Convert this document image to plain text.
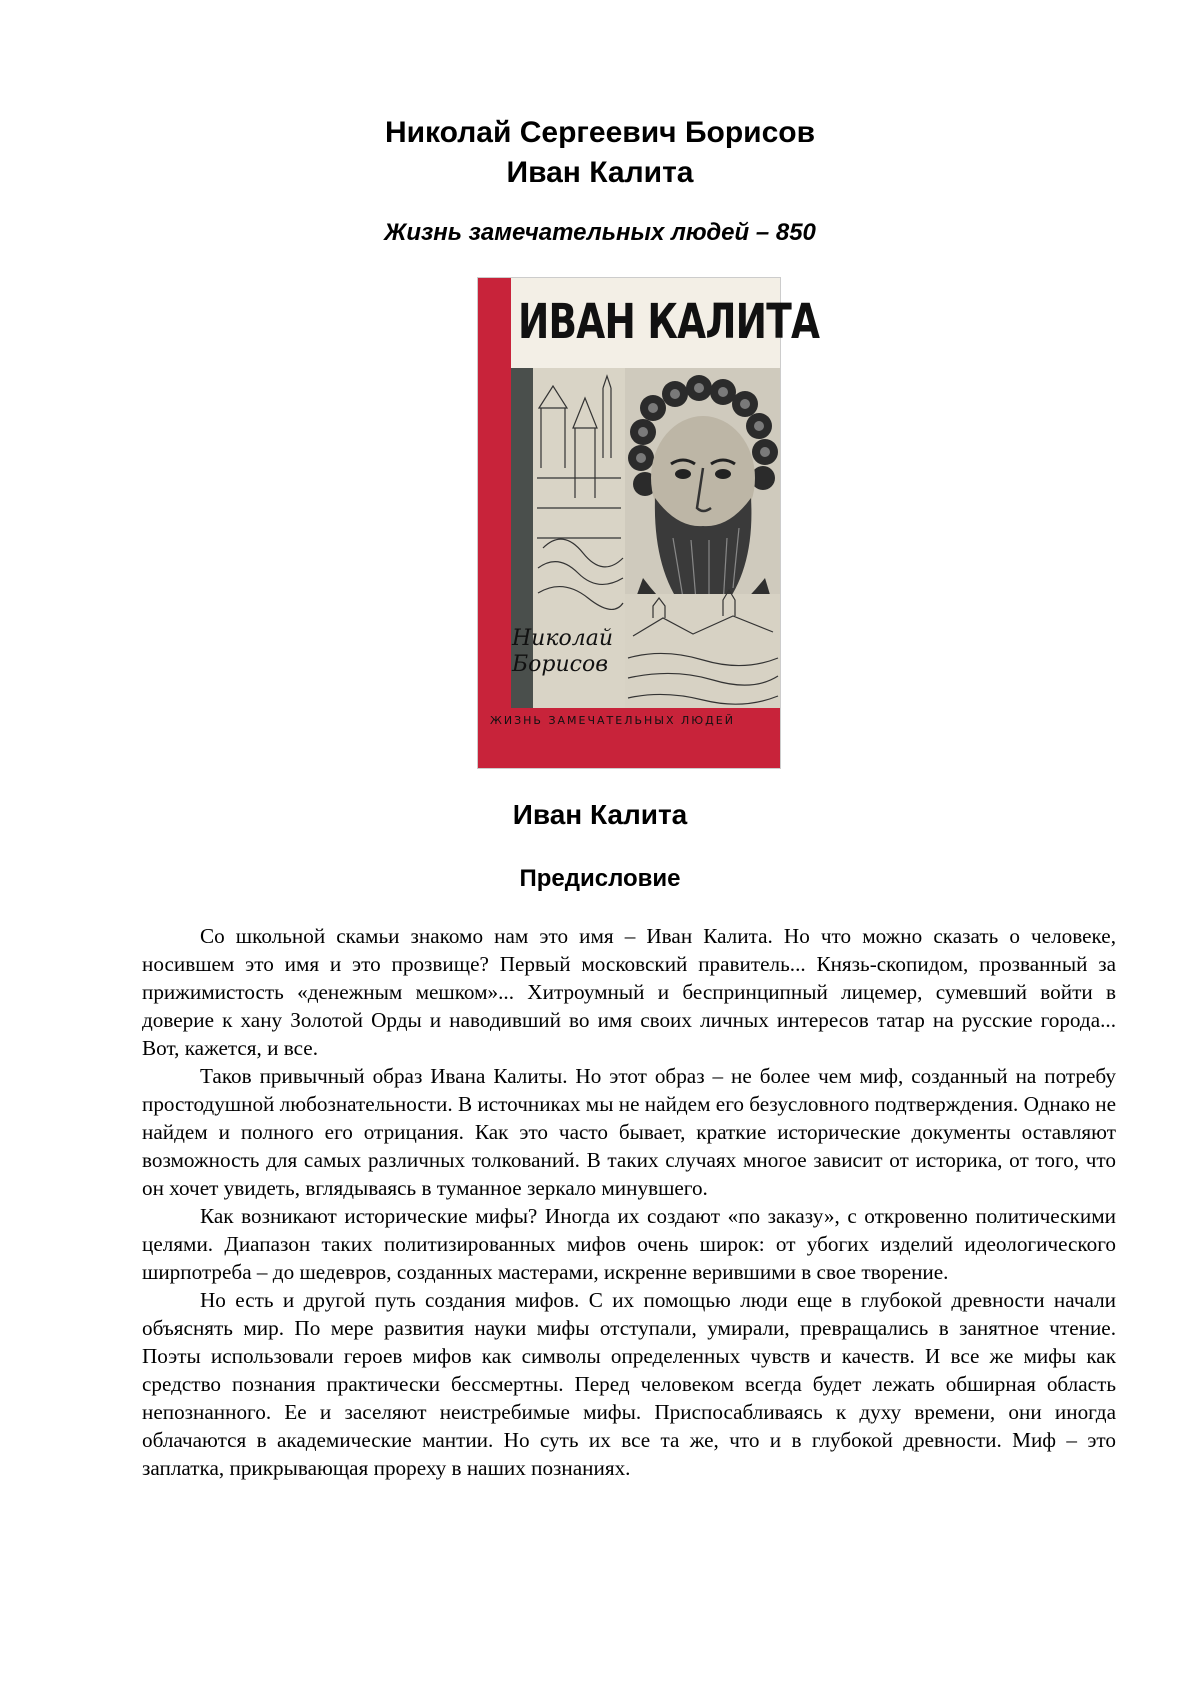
Николай Сергеевич Борисов
Иван Калита
Жизнь замечательных людей – 850
ИВАН КАЛИТА
Николай
Борисов
ЖИЗНЬ ЗАМЕЧАТЕЛЬНЫХ ЛЮДЕЙ
Иван Калита
Предисловие

Со школьной скамьи знакомо нам это имя – Иван Калита. Но что можно сказать о человеке, носившем это имя и это прозвище? Первый московский правитель... Князь-скопидом, прозванный за прижимистость «денежным мешком»... Хитроумный и беспринципный лицемер, сумевший войти в доверие к хану Золотой Орды и наводивший во имя своих личных интересов татар на русские города... Вот, кажется, и все.

Таков привычный образ Ивана Калиты. Но этот образ – не более чем миф, созданный на потребу простодушной любознательности. В источниках мы не найдем его безусловного подтверждения. Однако не найдем и полного его отрицания. Как это часто бывает, краткие исторические документы оставляют возможность для самых различных толкований. В таких случаях многое зависит от историка, от того, что он хочет увидеть, вглядываясь в туманное зеркало минувшего.

Как возникают исторические мифы? Иногда их создают «по заказу», с откровенно политическими целями. Диапазон таких политизированных мифов очень широк: от убогих изделий идеологического ширпотреба – до шедевров, созданных мастерами, искренне верившими в свое творение.

Но есть и другой путь создания мифов. С их помощью люди еще в глубокой древности начали объяснять мир. По мере развития науки мифы отступали, умирали, превращались в занятное чтение. Поэты использовали героев мифов как символы определенных чувств и качеств. И все же мифы как средство познания практически бессмертны. Перед человеком всегда будет лежать обширная область непознанного. Ее и заселяют неистребимые мифы. Приспосабливаясь к духу времени, они иногда облачаются в академические мантии. Но суть их все та же, что и в глубокой древности. Миф – это заплатка, прикрывающая прореху в наших познаниях.
